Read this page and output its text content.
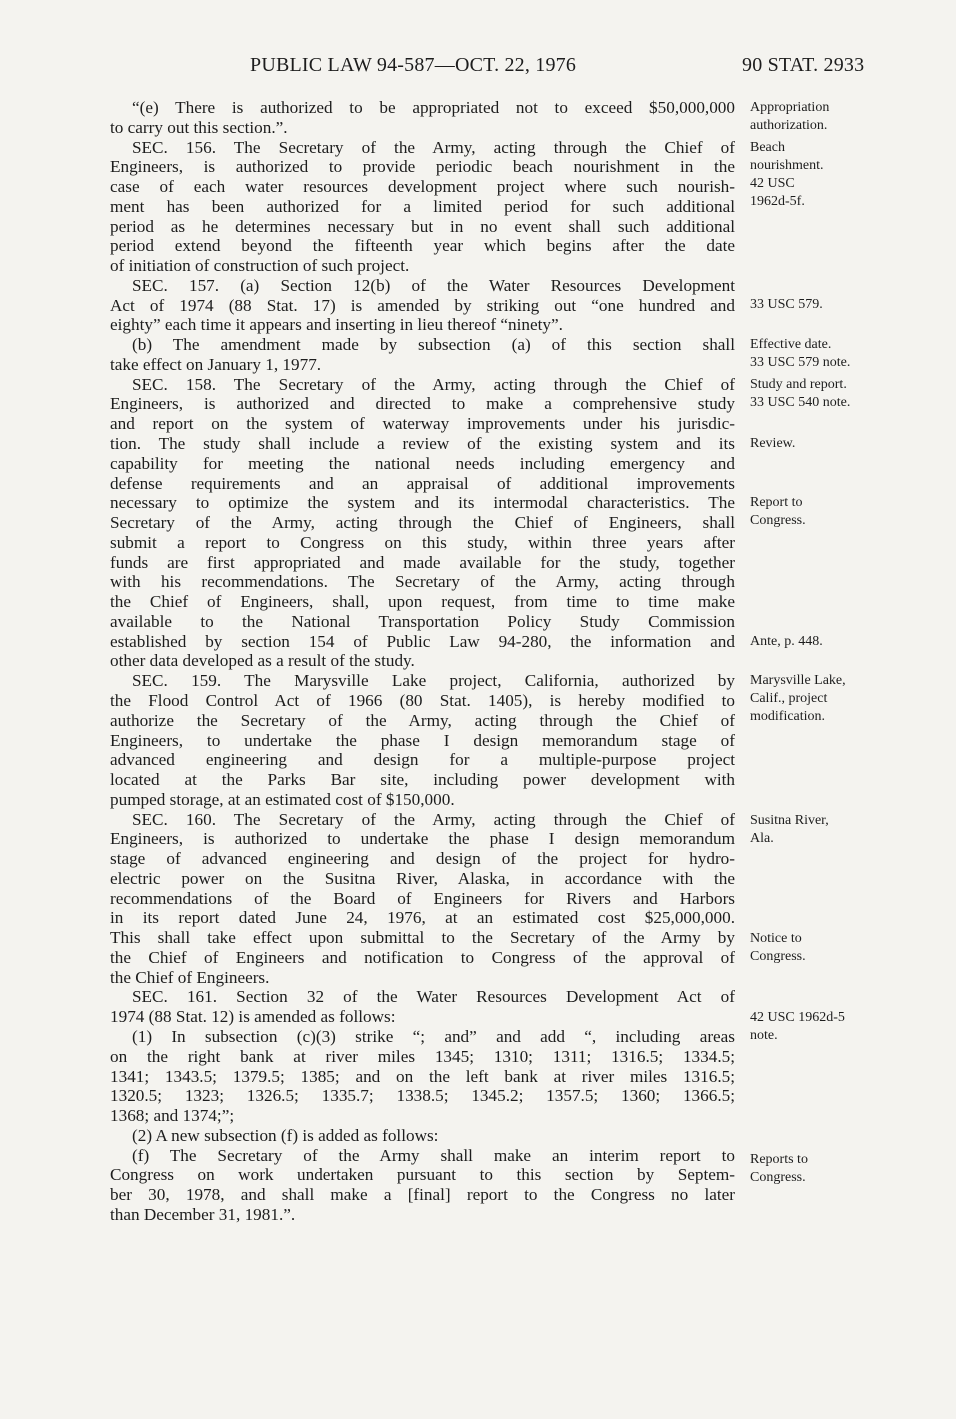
PUBLIC LAW 94-587—OCT. 22, 1976	90 STAT. 2933
“(e) There is authorized to be appropriated not to exceed $50,000,000
to carry out this section.”.
SEC. 156. The Secretary of the Army, acting through the Chief of
Engineers, is authorized to provide periodic beach nourishment in the
case of each water resources development project where such nourish-
ment has been authorized for a limited period for such additional
period as he determines necessary but in no event shall such additional
period extend beyond the fifteenth year which begins after the date
of initiation of construction of such project.
SEC. 157. (a) Section 12(b) of the Water Resources Development
Act of 1974 (88 Stat. 17) is amended by striking out “one hundred and
eighty” each time it appears and inserting in lieu thereof “ninety”.
(b) The amendment made by subsection (a) of this section shall
take effect on January 1, 1977.
SEC. 158. The Secretary of the Army, acting through the Chief of
Engineers, is authorized and directed to make a comprehensive study
and report on the system of waterway improvements under his jurisdic-
tion. The study shall include a review of the existing system and its
capability for meeting the national needs including emergency and
defense requirements and an appraisal of additional improvements
necessary to optimize the system and its intermodal characteristics. The
Secretary of the Army, acting through the Chief of Engineers, shall
submit a report to Congress on this study, within three years after
funds are first appropriated and made available for the study, together
with his recommendations. The Secretary of the Army, acting through
the Chief of Engineers, shall, upon request, from time to time make
available to the National Transportation Policy Study Commission
established by section 154 of Public Law 94-280, the information and
other data developed as a result of the study.
SEC. 159. The Marysville Lake project, California, authorized by
the Flood Control Act of 1966 (80 Stat. 1405), is hereby modified to
authorize the Secretary of the Army, acting through the Chief of
Engineers, to undertake the phase I design memorandum stage of
advanced engineering and design for a multiple-purpose project
located at the Parks Bar site, including power development with
pumped storage, at an estimated cost of $150,000.
SEC. 160. The Secretary of the Army, acting through the Chief of
Engineers, is authorized to undertake the phase I design memorandum
stage of advanced engineering and design of the project for hydro-
electric power on the Susitna River, Alaska, in accordance with the
recommendations of the Board of Engineers for Rivers and Harbors
in its report dated June 24, 1976, at an estimated cost $25,000,000.
This shall take effect upon submittal to the Secretary of the Army by
the Chief of Engineers and notification to Congress of the approval of
the Chief of Engineers.
SEC. 161. Section 32 of the Water Resources Development Act of
1974 (88 Stat. 12) is amended as follows:
(1) In subsection (c)(3) strike “; and” and add “, including areas
on the right bank at river miles 1345; 1310; 1311; 1316.5; 1334.5;
1341; 1343.5; 1379.5; 1385; and on the left bank at river miles 1316.5;
1320.5; 1323; 1326.5; 1335.7; 1338.5; 1345.2; 1357.5; 1360; 1366.5;
1368; and 1374;”;
(2) A new subsection (f) is added as follows:
(f) The Secretary of the Army shall make an interim report to
Congress on work undertaken pursuant to this section by Septem-
ber 30, 1978, and shall make a [final] report to the Congress no later
than December 31, 1981.”.
Appropriation
authorization.
Beach
nourishment.
42 USC
1962d-5f.
33 USC 579.
Effective date.
33 USC 579 note.
Study and report.
33 USC 540 note.
Review.
Report to
Congress.
Ante, p. 448.
Marysville Lake,
Calif., project
modification.
Susitna River,
Ala.
Notice to
Congress.
42 USC 1962d-5
note.
Reports to
Congress.
